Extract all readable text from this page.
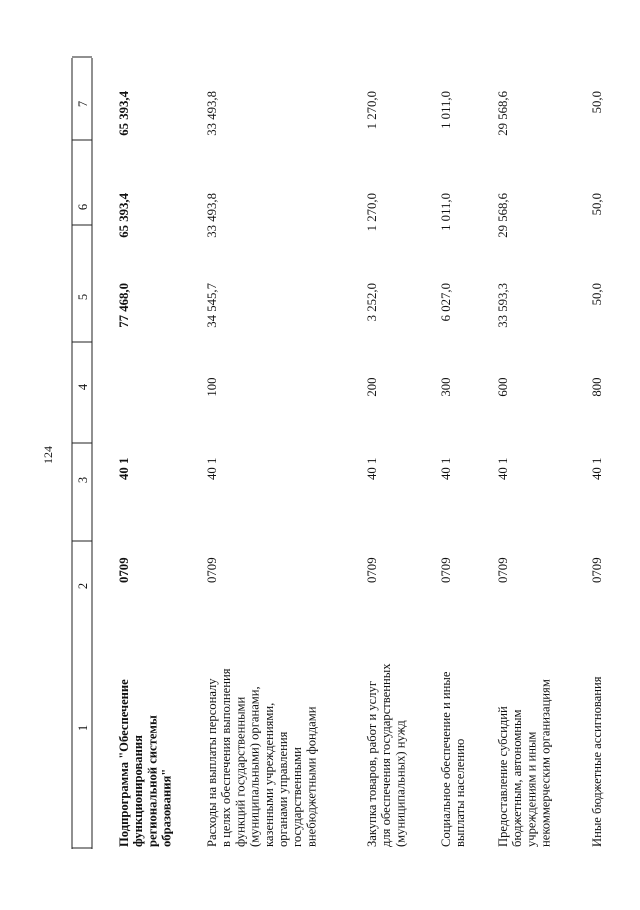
124
1
2
3
4
5
6
7
Подпрограмма "Обеспечение функционирования региональной системы образования"
0709
40 1
77 468,0
65 393,4
65 393,4
Расходы на выплаты персоналу в целях обеспечения выполнения функций государственными (муниципальными) органами, казенными учреждениями, органами управления государственными внебюджетными фондами
0709
40 1
100
34 545,7
33 493,8
33 493,8
Закупка товаров, работ и услуг для обеспечения государственных (муниципальных) нужд
0709
40 1
200
3 252,0
1 270,0
1 270,0
Социальное обеспечение и иные выплаты населению
0709
40 1
300
6 027,0
1 011,0
1 011,0
Предоставление субсидий бюджетным, автономным учреждениям и иным некоммерческим организациям
0709
40 1
600
33 593,3
29 568,6
29 568,6
Иные бюджетные ассигнования
0709
40 1
800
50,0
50,0
50,0
